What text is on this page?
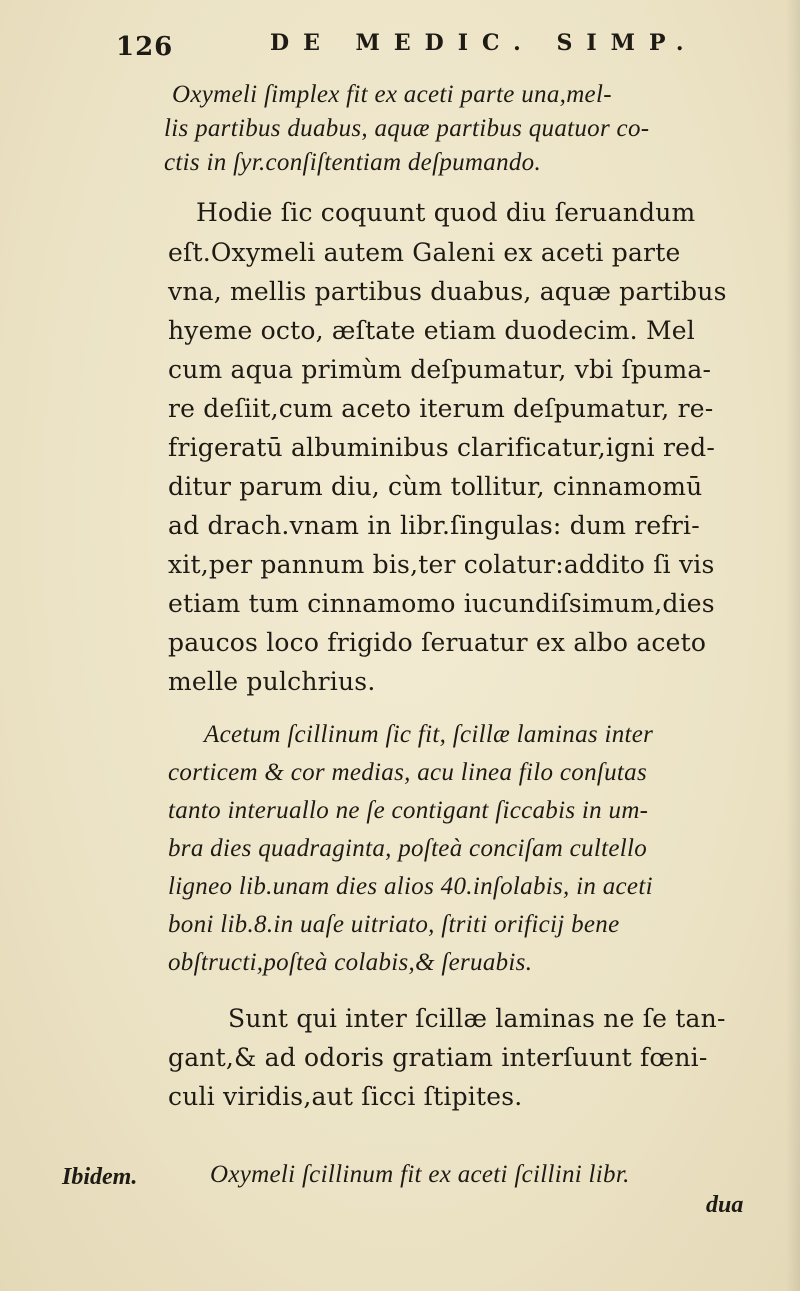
126	DE MEDIC. SIMP.
Oxymeli ſimplex fit ex aceti parte una,mel-
lis partibus duabus, aquæ partibus quatuor co-
ctis in ſyr.conſiſtentiam deſpumando.
Hodie ſic coquunt quod diu ſeruandum
eſt.Oxymeli autem Galeni ex aceti parte
vna, mellis partibus duabus, aquæ partibus
hyeme octo, æſtate etiam duodecim. Mel
cum aqua primùm deſpumatur, vbi ſpuma-
re deſiit,cum aceto iterum deſpumatur, re-
frigeratū albuminibus clarificatur,igni red-
ditur parum diu, cùm tollitur, cinnamomū
ad drach.vnam in libr.ſingulas: dum refri-
xit,per pannum bis,ter colatur:addito ſi vis
etiam tum cinnamomo iucundiſsimum,dies
paucos loco frigido ſeruatur ex albo aceto
melle pulchrius.
Acetum ſcillinum ſic fit, ſcillæ laminas inter
corticem & cor medias, acu linea filo conſutas
tanto interuallo ne ſe contigant ſiccabis in um-
bra dies quadraginta, poſteà conciſam cultello
ligneo lib.unam dies alios 40.inſolabis, in aceti
boni lib.8.in uaſe uitriato, ſtriti orificij bene
obſtructi,poſteà colabis,& ſeruabis.
Sunt qui inter ſcillæ laminas ne ſe tan-
gant,& ad odoris gratiam interſuunt fœni-
culi viridis,aut ſicci ſtipites.
Oxymeli ſcillinum fit ex aceti ſcillini libr.
Ibidem.
dua
